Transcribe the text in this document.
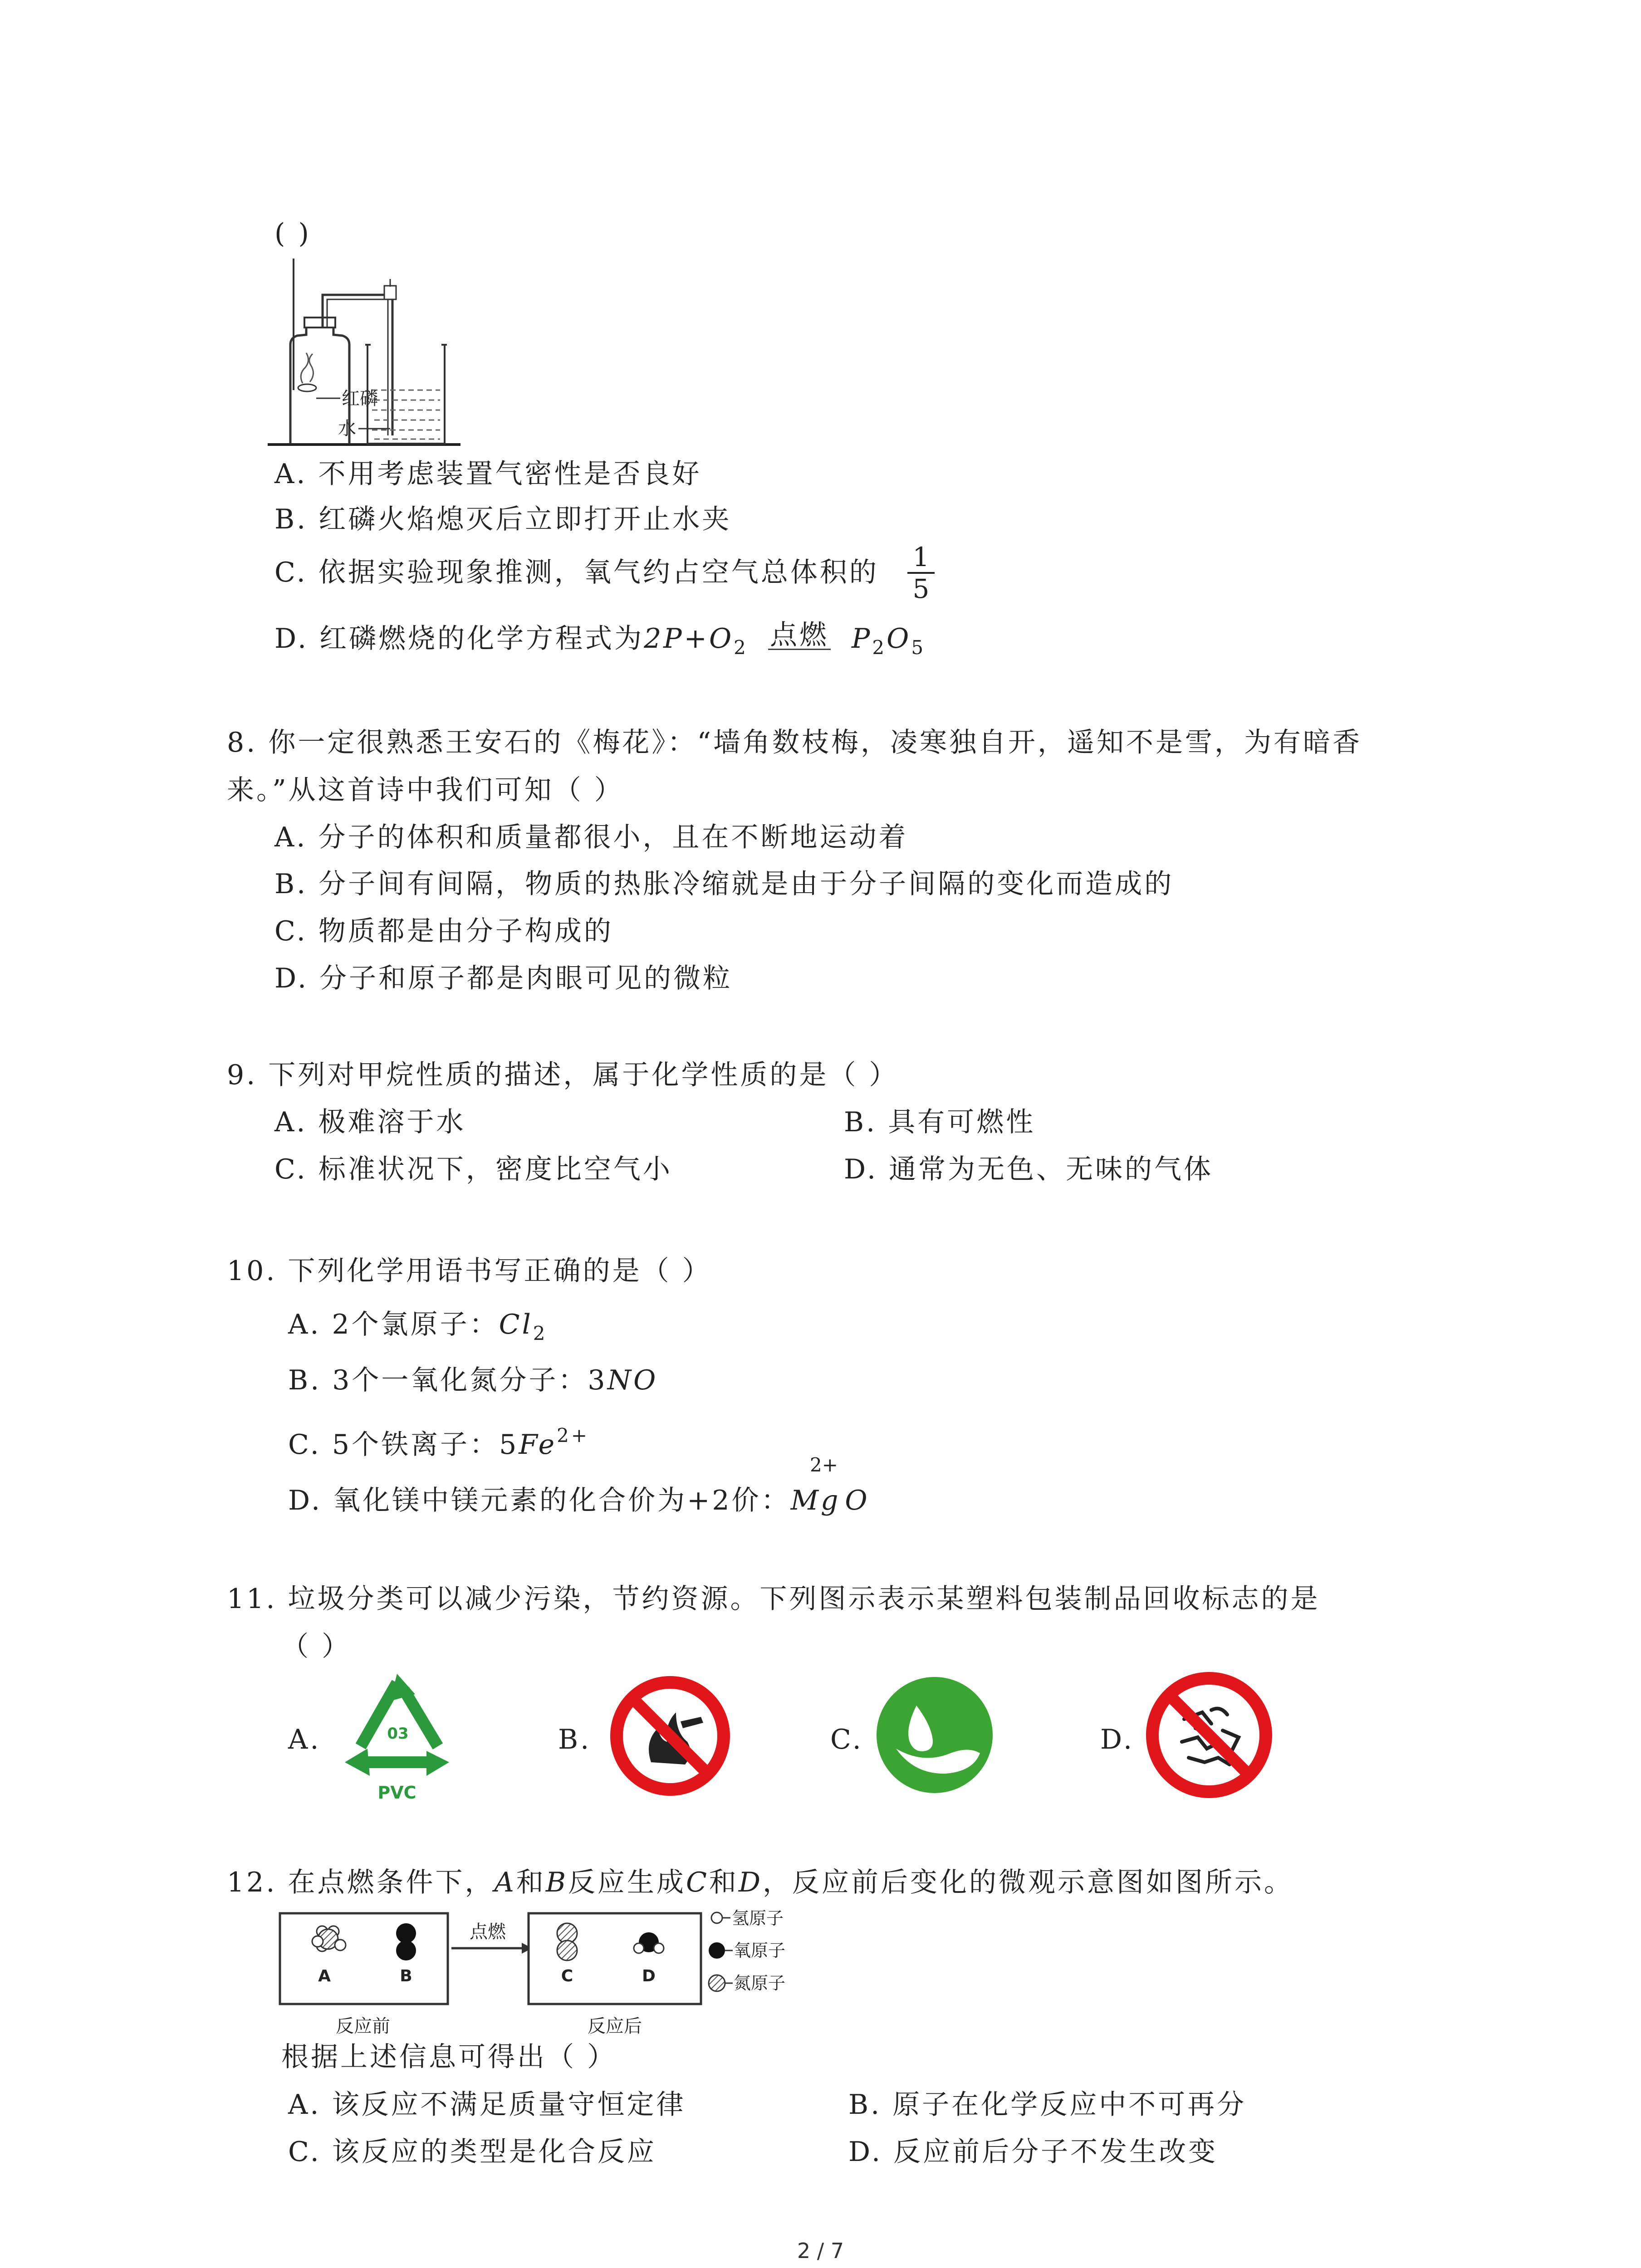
( )
红磷
水
A. 不用考虑装置气密性是否良好
B. 红磷火焰熄灭后立即打开止水夹
C. 依据实验现象推测，氧气约占空气总体积的 1
5
D. 红磷燃烧的化学方程式为$2P+O_2$ 点燃 $P_2O_5$
8. 你一定很熟悉王安石的《梅花》：“墙角数枝梅，凌寒独自开，遥知不是雪，为有暗香
来。”从这首诗中我们可知（ ）
A. 分子的体积和质量都很小，且在不断地运动着
B. 分子间有间隔，物质的热胀冷缩就是由于分子间隔的变化而造成的
C. 物质都是由分子构成的
D. 分子和原子都是肉眼可见的微粒
9. 下列对甲烷性质的描述，属于化学性质的是（ ）
A. 极难溶于水	B. 具有可燃性
C. 标准状况下，密度比空气小	D. 通常为无色、无味的气体
10. 下列化学用语书写正确的是（ ）
A. 2个氯原子：$Cl_2$
B. 3个一氧化氮分子：3NO
C. 5个铁离子：$5Fe^{2+}$
D. 氧化镁中镁元素的化合价为+2价：Mg O
2+
11. 垃圾分类可以减少污染，节约资源。下列图示表示某塑料包装制品回收标志的是
（ ）
A.	B.	C.	D.
03
PVC
12. 在点燃条件下，A和B反应生成C和D，反应前后变化的微观示意图如图所示。
A	B
点燃
C	D
反应前	反应后
氢原子
氧原子
氮原子
根据上述信息可得出（ ）
A. 该反应不满足质量守恒定律	B. 原子在化学反应中不可再分
C. 该反应的类型是化合反应	D. 反应前后分子不发生改变
2 / 7
